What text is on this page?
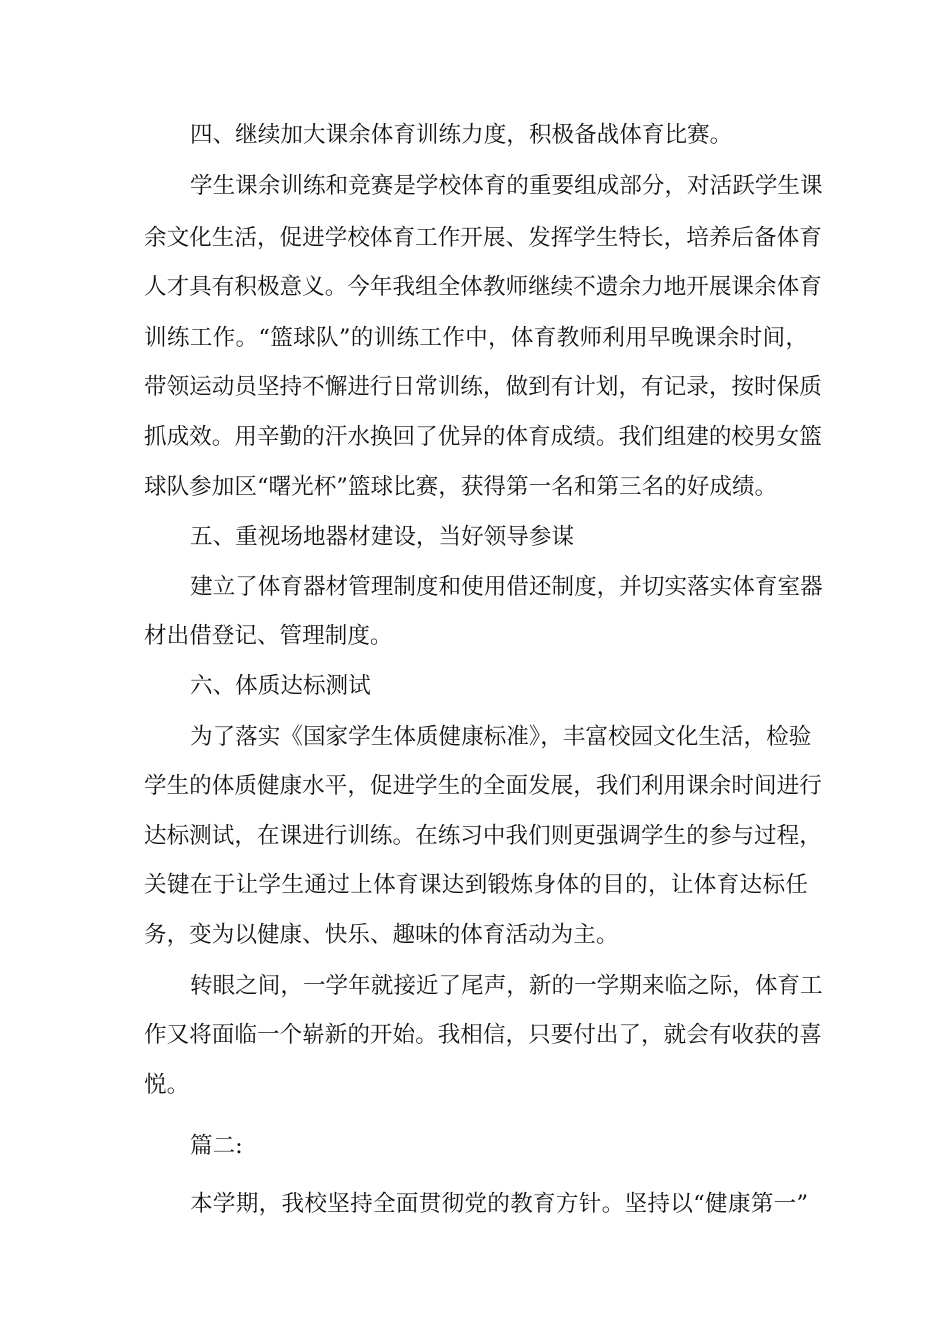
四、继续加大课余体育训练力度，积极备战体育比赛。
学生课余训练和竞赛是学校体育的重要组成部分，对活跃学生课
余文化生活，促进学校体育工作开展、发挥学生特长，培养后备体育
人才具有积极意义。今年我组全体教师继续不遗余力地开展课余体育
训练工作。“篮球队”的训练工作中，体育教师利用早晚课余时间，
带领运动员坚持不懈进行日常训练，做到有计划，有记录，按时保质
抓成效。用辛勤的汗水换回了优异的体育成绩。我们组建的校男女篮
球队参加区“曙光杯”篮球比赛，获得第一名和第三名的好成绩。
五、重视场地器材建设，当好领导参谋
建立了体育器材管理制度和使用借还制度，并切实落实体育室器
材出借登记、管理制度。
六、体质达标测试
为了落实《国家学生体质健康标准》，丰富校园文化生活，检验
学生的体质健康水平，促进学生的全面发展，我们利用课余时间进行
达标测试，在课进行训练。在练习中我们则更强调学生的参与过程，
关键在于让学生通过上体育课达到锻炼身体的目的，让体育达标任
务，变为以健康、快乐、趣味的体育活动为主。
转眼之间，一学年就接近了尾声，新的一学期来临之际，体育工
作又将面临一个崭新的开始。我相信，只要付出了，就会有收获的喜
悦。
篇二:
本学期，我校坚持全面贯彻党的教育方针。坚持以“健康第一”
